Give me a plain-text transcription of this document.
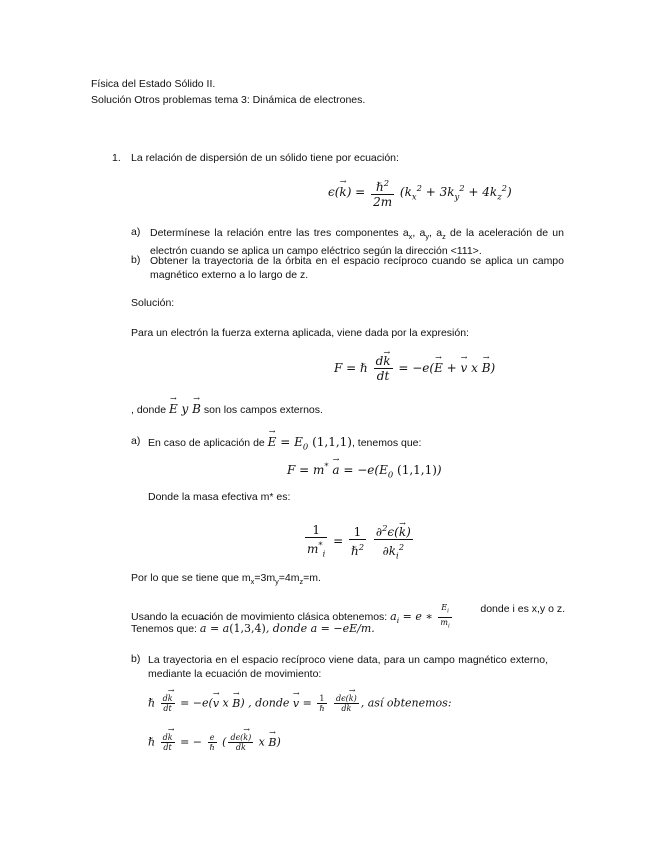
Física del Estado Sólido II.
Solución Otros problemas tema 3: Dinámica de electrones.
1. La relación de dispersión de un sólido tiene por ecuación:
$\epsilon(\to k) = \frac{\hbar^2}{2m} (k_x^2 + 3k_y^2 + 4k_z^2)$
a) Determínese la relación entre las tres componentes $a_x$, $a_y$, $a_z$ de la aceleración de un electrón cuando se aplica un campo eléctrico según la dirección <111>.
b) Obtener la trayectoria de la órbita en el espacio recíproco cuando se aplica un campo magnético externo a lo largo de z.
Solución:
Para un electrón la fuerza externa aplicada, viene dada por la expresión:
F = ℏ $\frac{d\to k}{dt} = -e(\to E$ + → v x → B)
, donde → E y → B son los campos externos.
a) En caso de aplicación de → $E = E_0$ (1,1,1), tenemos que:
$F = m^* \to a = -e(E_0$ (1,1,1))
Donde la masa efectiva m* es:
$\frac{1}{m^*_i} = \frac{1}{\hbar^2}$
$\frac{\partial^2\epsilon(\to k)}{\partial k_i^2}$
Por lo que se tiene que $m_x=3m_y=4m_z=m$.
Usando la ecuación de movimiento clásica obtenemos: $a_i = e$ ∗ $\frac{E_i}{m_i}$	donde i es x,y o z.
Tenemos que: → a = a(1,3,4), donde a = −eE/m.
b) La trayectoria en el espacio recíproco viene data, para un campo magnético externo, mediante la ecuación de movimiento:
ℏ $\frac{d\to k}{dt} = -e(\to v$ x → B) , donde → $v = \frac{1}{\text{ℏ}}$
$\frac{d\epsilon(\to k)}{dk}$ , así obtenemos:
ℏ $\frac{d\to k}{dt}$ = − $\frac{e}{\text{ℏ}}$ ( $\frac{d\epsilon(\to k)}{dk}$ x → B)
